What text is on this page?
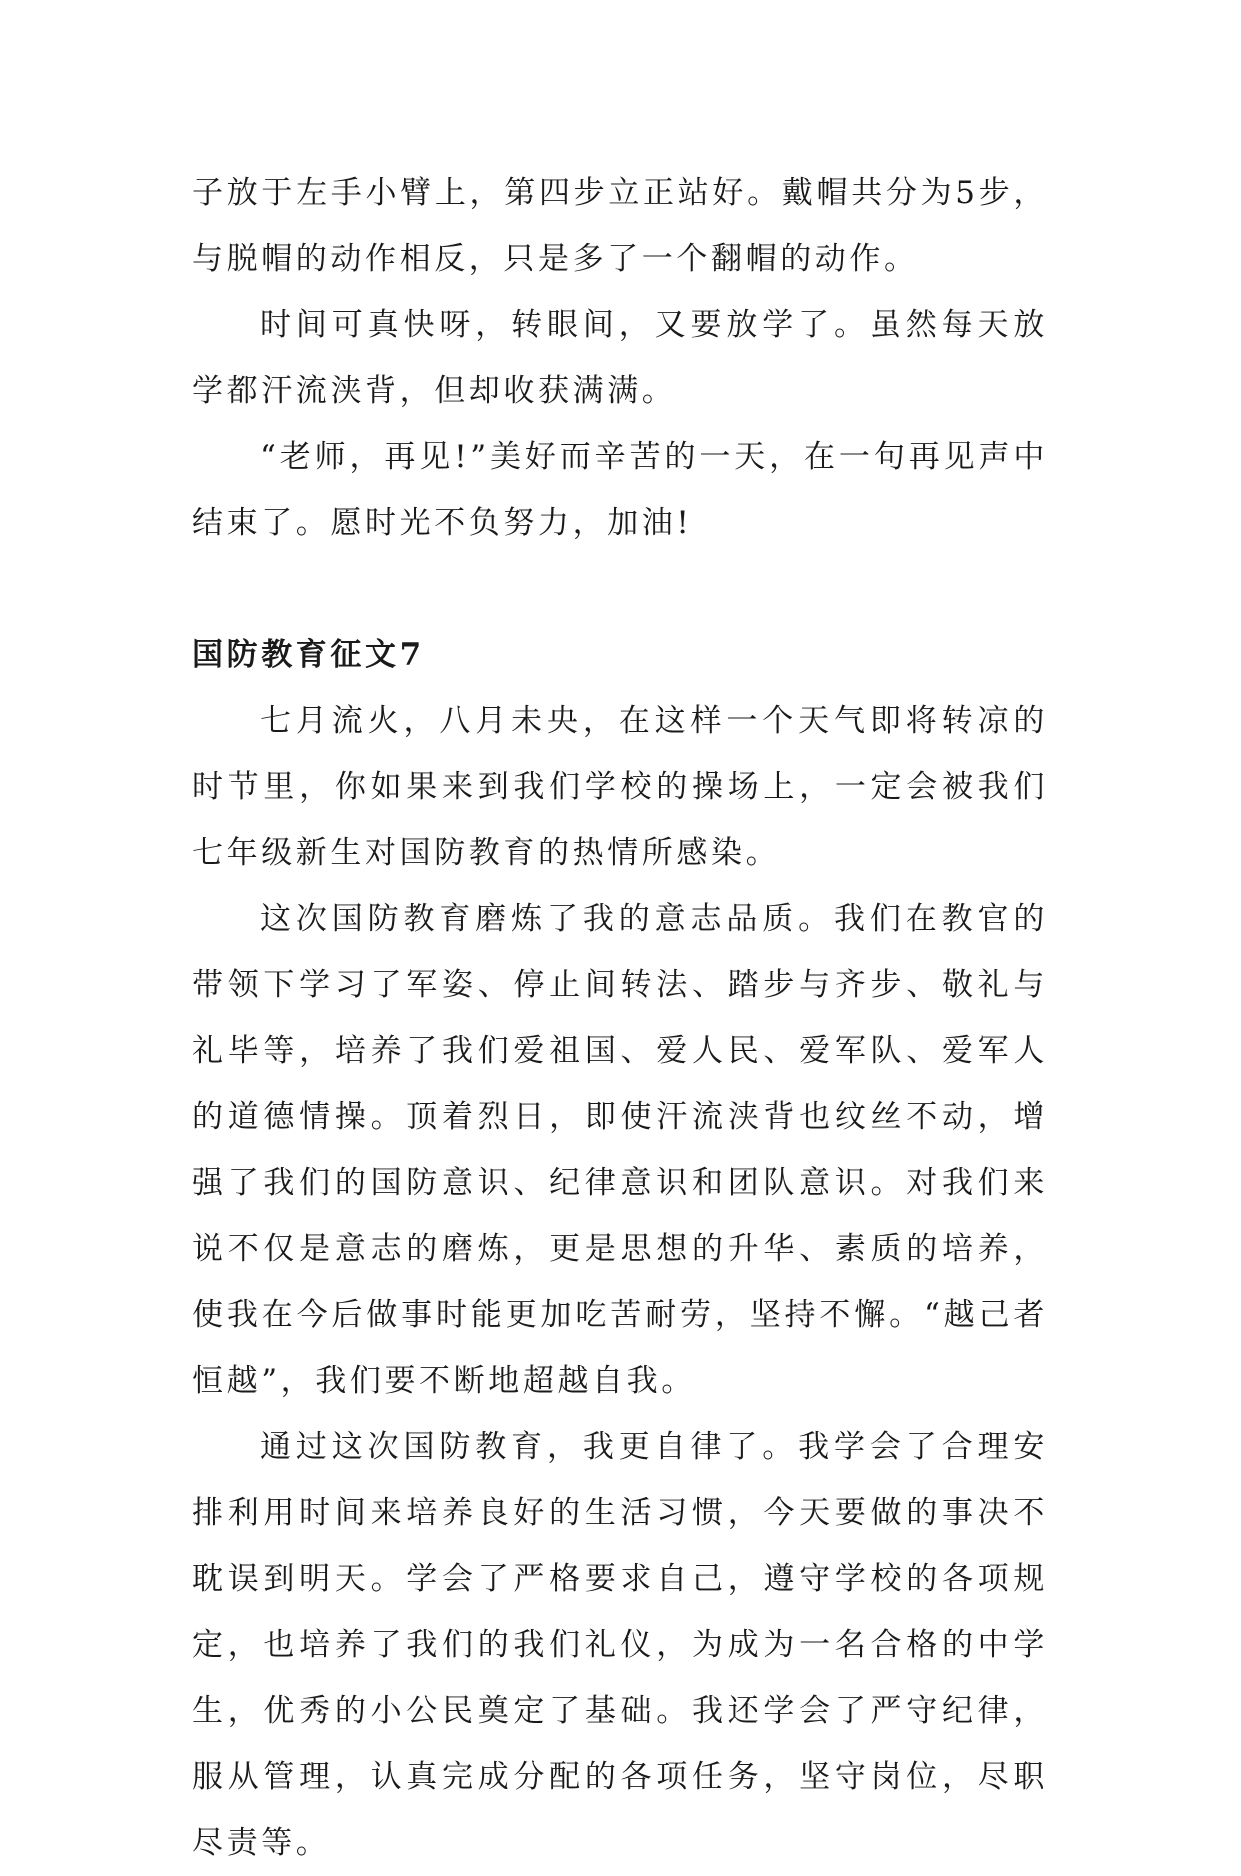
子放于左手小臂上，第四步立正站好。戴帽共分为5步，与脱帽的动作相反，只是多了一个翻帽的动作。

时间可真快呀，转眼间，又要放学了。虽然每天放学都汗流浃背，但却收获满满。

“老师，再见!”美好而辛苦的一天，在一句再见声中结束了。愿时光不负努力，加油!

国防教育征文7

七月流火，八月未央，在这样一个天气即将转凉的时节里，你如果来到我们学校的操场上，一定会被我们七年级新生对国防教育的热情所感染。

这次国防教育磨炼了我的意志品质。我们在教官的带领下学习了军姿、停止间转法、踏步与齐步、敬礼与礼毕等，培养了我们爱祖国、爱人民、爱军队、爱军人的道德情操。顶着烈日，即使汗流浃背也纹丝不动，增强了我们的国防意识、纪律意识和团队意识。对我们来说不仅是意志的磨炼，更是思想的升华、素质的培养，使我在今后做事时能更加吃苦耐劳，坚持不懈。“越己者恒越”，我们要不断地超越自我。

通过这次国防教育，我更自律了。我学会了合理安排利用时间来培养良好的生活习惯，今天要做的事决不耽误到明天。学会了严格要求自己，遵守学校的各项规定，也培养了我们的我们礼仪，为成为一名合格的中学生，优秀的小公民奠定了基础。我还学会了严守纪律，服从管理，认真完成分配的各项任务，坚守岗位，尽职尽责等。
